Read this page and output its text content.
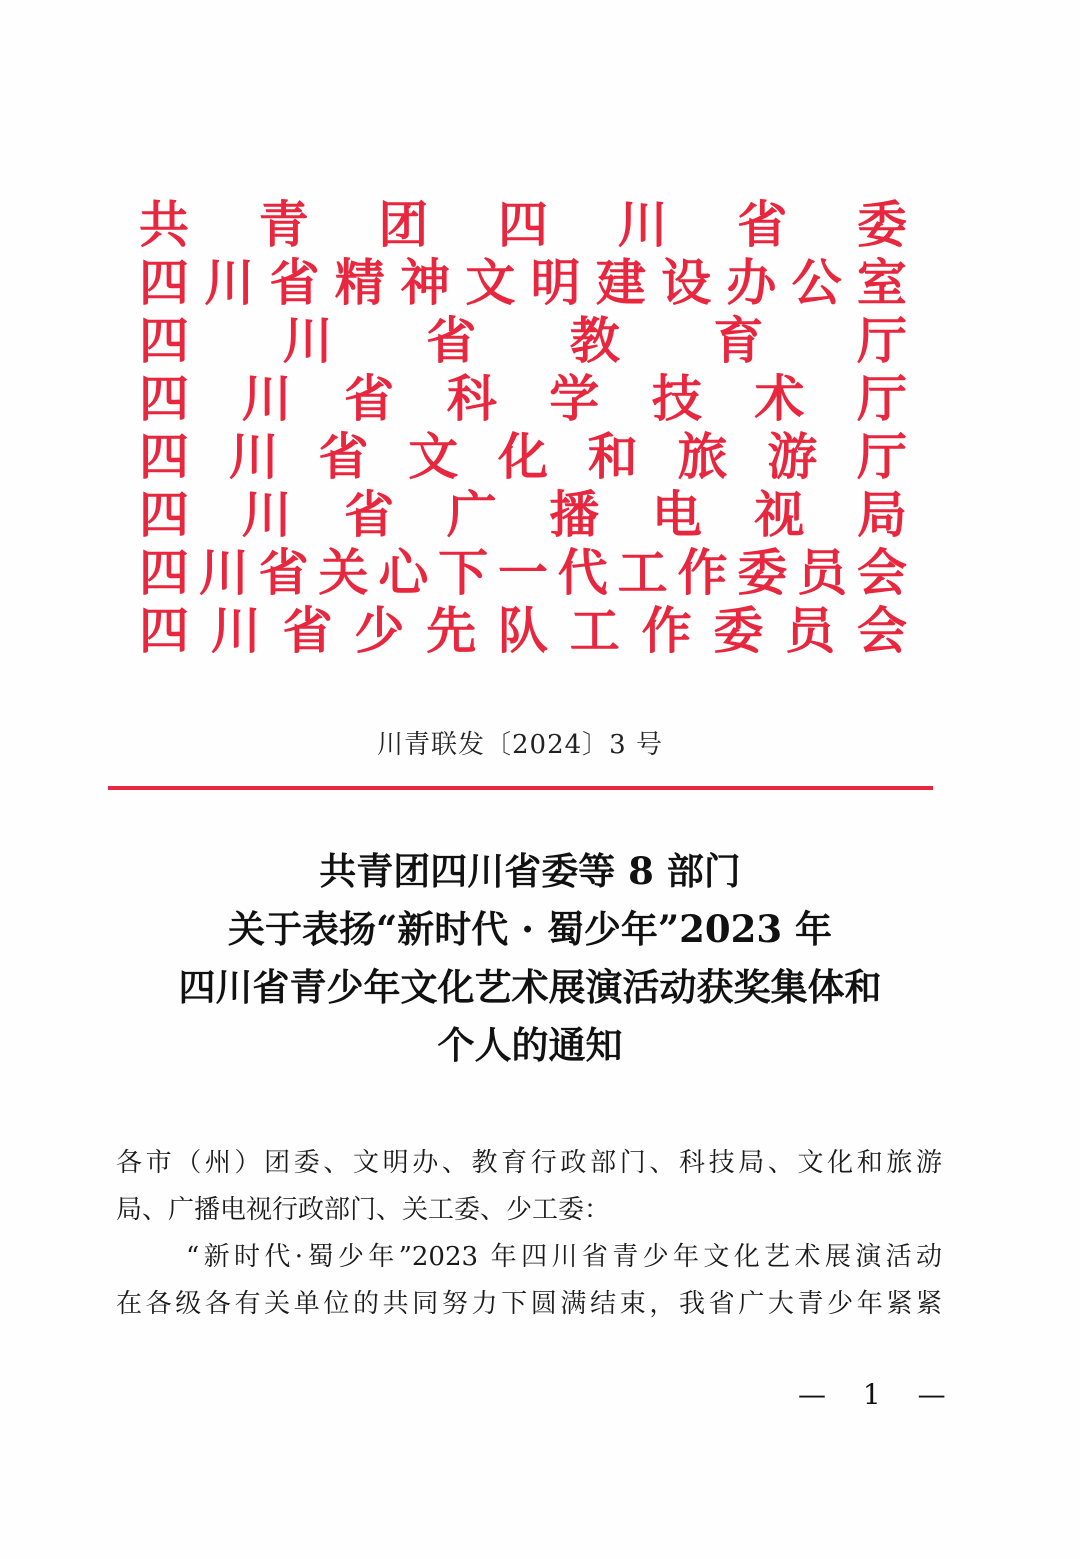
共 青 团 四 川 省 委
四 川 省 精 神 文 明 建 设 办 公 室
四 川 省 教 育 厅
四 川 省 科 学 技 术 厅
四 川 省 文 化 和 旅 游 厅
四 川 省 广 播 电 视 局
四 川 省 关 心 下 一 代 工 作 委 员 会
四 川 省 少 先 队 工 作 委 员 会
川青联发〔2024〕3 号
共青团四川省委等 8 部门
关于表扬“新时代 · 蜀少年”2023 年
四川省青少年文化艺术展演活动获奖集体和
个人的通知
各市（州）团委、文明办、教育行政部门、科技局、文化和旅游
局、广播电视行政部门、关工委、少工委：
“新时代·蜀少年”2023 年四川省青少年文化艺术展演活动
在各级各有关单位的共同努力下圆满结束，我省广大青少年紧紧
— 1 —
